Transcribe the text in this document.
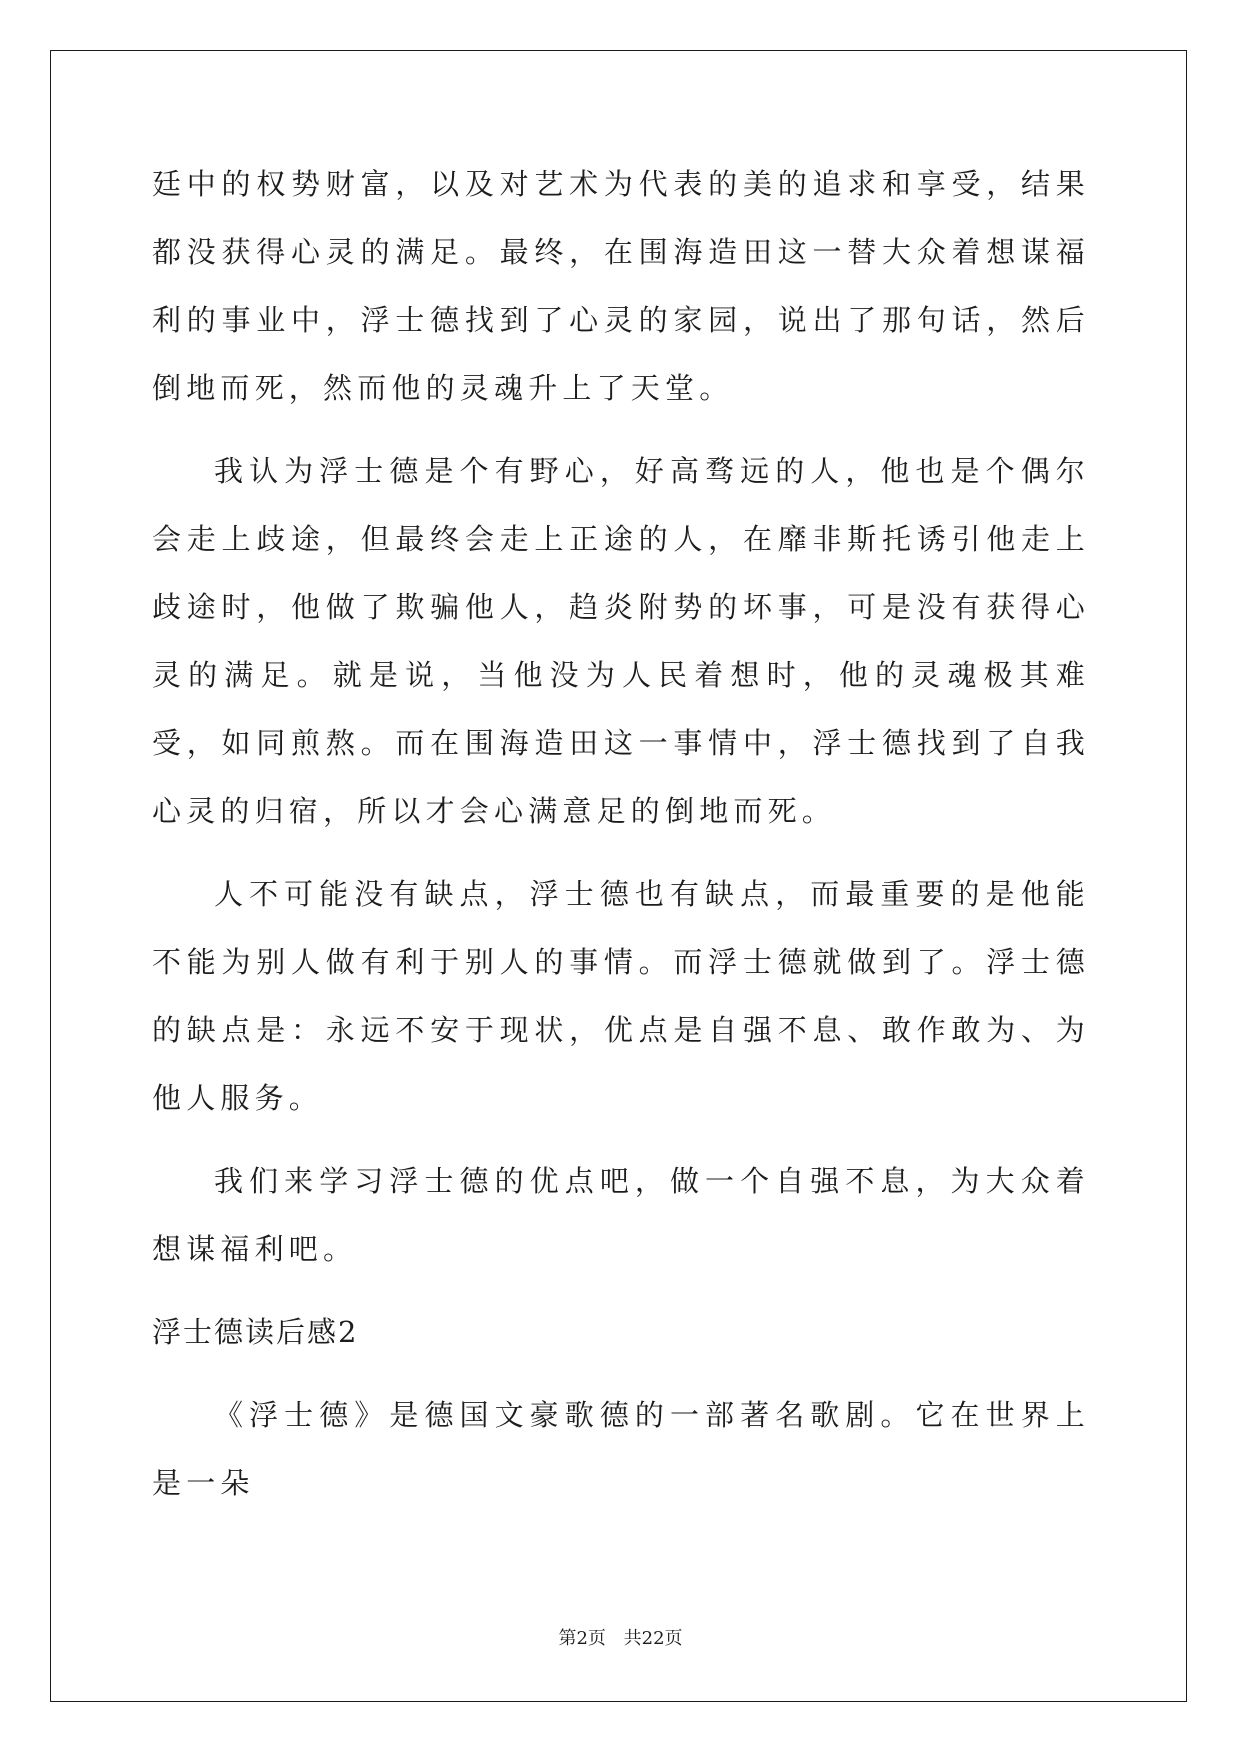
廷中的权势财富，以及对艺术为代表的美的追求和享受，结果都没获得心灵的满足。最终，在围海造田这一替大众着想谋福利的事业中，浮士德找到了心灵的家园，说出了那句话，然后倒地而死，然而他的灵魂升上了天堂。

我认为浮士德是个有野心，好高骛远的人，他也是个偶尔会走上歧途，但最终会走上正途的人，在靡非斯托诱引他走上歧途时，他做了欺骗他人，趋炎附势的坏事，可是没有获得心灵的满足。就是说，当他没为人民着想时，他的灵魂极其难受，如同煎熬。而在围海造田这一事情中，浮士德找到了自我心灵的归宿，所以才会心满意足的倒地而死。

人不可能没有缺点，浮士德也有缺点，而最重要的是他能不能为别人做有利于别人的事情。而浮士德就做到了。浮士德的缺点是：永远不安于现状，优点是自强不息、敢作敢为、为他人服务。

我们来学习浮士德的优点吧，做一个自强不息，为大众着想谋福利吧。

浮士德读后感2

《浮士德》是德国文豪歌德的一部著名歌剧。它在世界上是一朵

第2页 共22页
